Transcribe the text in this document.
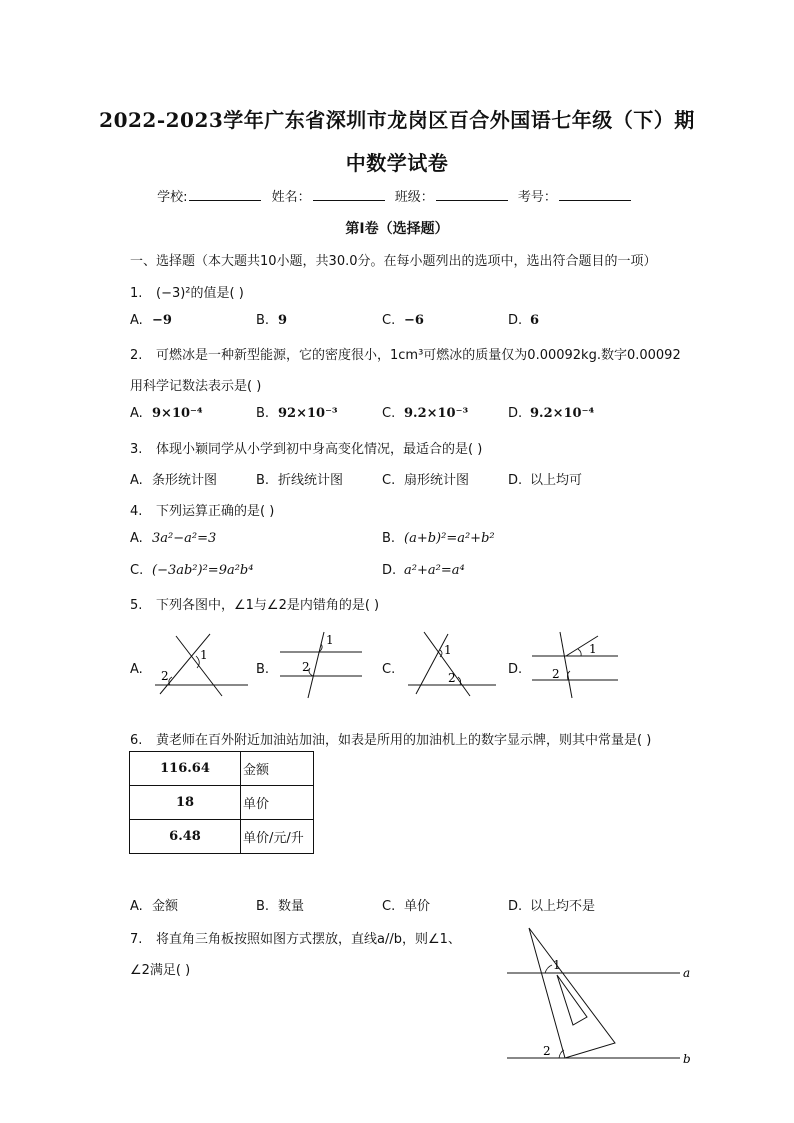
2022-2023学年广东省深圳市龙岗区百合外国语七年级（下）期
中数学试卷
学校:	姓名：	班级：	考号：
第I卷（选择题）
一、选择题（本大题共10小题，共30.0分。在每小题列出的选项中，选出符合题目的一项）
1. (−3)²的值是( )
A. −9	B. 9	C. −6	D. 6
2. 可燃冰是一种新型能源，它的密度很小，1cm³可燃冰的质量仅为0.00092kg.数字0.00092
用科学记数法表示是( )
A. 9×10⁻⁴	B. 92×10⁻³	C. 9.2×10⁻³	D. 9.2×10⁻⁴
3. 体现小颖同学从小学到初中身高变化情况，最适合的是( )
A. 条形统计图	B. 折线统计图	C. 扇形统计图	D. 以上均可
4. 下列运算正确的是( )
A. 3a²−a²=3	B. (a+b)²=a²+b²
C. (−3ab²)²=9a²b⁴	D. a²+a²=a⁴
5. 下列各图中，∠1与∠2是内错角的是( )
A.
1
2	B.
1
2	C.
1
2
D.
1
2
6. 黄老师在百外附近加油站加油，如表是所用的加油机上的数字显示牌，则其中常量是( )
116.64	金额
18	单价
6.48	单价/元/升
A. 金额	B. 数量	C. 单价	D. 以上均不是
7. 将直角三角板按照如图方式摆放，直线a//b，则∠1、
∠2满足( )	1
2
a
b
